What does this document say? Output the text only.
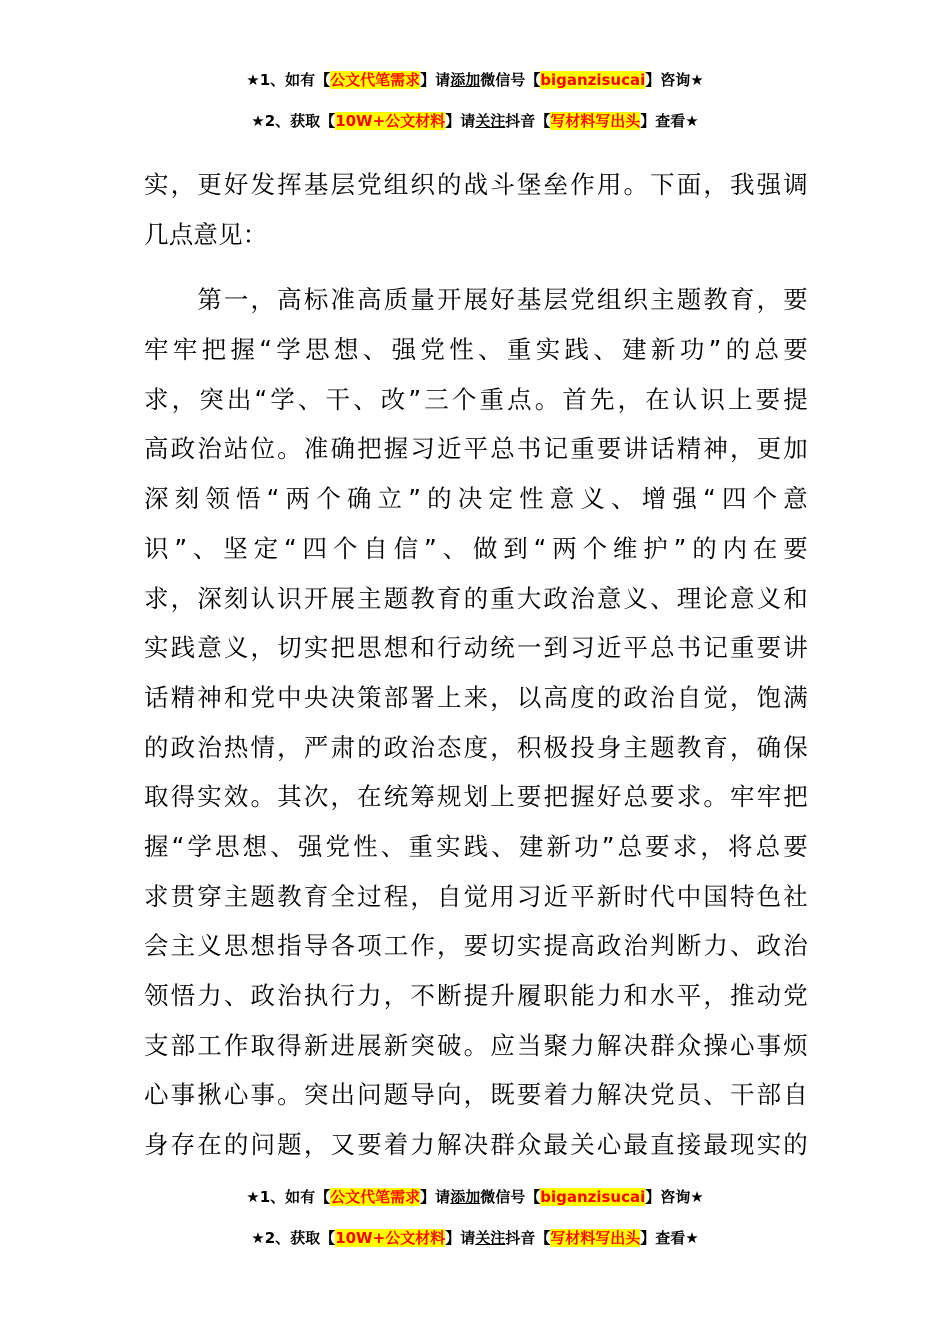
★1、如有【公文代笔需求】请添加微信号【biganzisucai】咨询★
★2、获取【10W+公文材料】请关注抖音【写材料写出头】查看★
实，更好发挥基层党组织的战斗堡垒作用。下面，我强调
几点意见：
　　第一，高标准高质量开展好基层党组织主题教育，要
牢牢把握“学思想、强党性、重实践、建新功”的总要
求，突出“学、干、改”三个重点。首先，在认识上要提
高政治站位。准确把握习近平总书记重要讲话精神，更加
深刻领悟“两个确立”的决定性意义、增强“四个意
识”、坚定“四个自信”、做到“两个维护”的内在要
求，深刻认识开展主题教育的重大政治意义、理论意义和
实践意义，切实把思想和行动统一到习近平总书记重要讲
话精神和党中央决策部署上来，以高度的政治自觉，饱满
的政治热情，严肃的政治态度，积极投身主题教育，确保
取得实效。其次，在统筹规划上要把握好总要求。牢牢把
握“学思想、强党性、重实践、建新功”总要求，将总要
求贯穿主题教育全过程，自觉用习近平新时代中国特色社
会主义思想指导各项工作，要切实提高政治判断力、政治
领悟力、政治执行力，不断提升履职能力和水平，推动党
支部工作取得新进展新突破。应当聚力解决群众操心事烦
心事揪心事。突出问题导向，既要着力解决党员、干部自
身存在的问题，又要着力解决群众最关心最直接最现实的
★1、如有【公文代笔需求】请添加微信号【biganzisucai】咨询★
★2、获取【10W+公文材料】请关注抖音【写材料写出头】查看★
